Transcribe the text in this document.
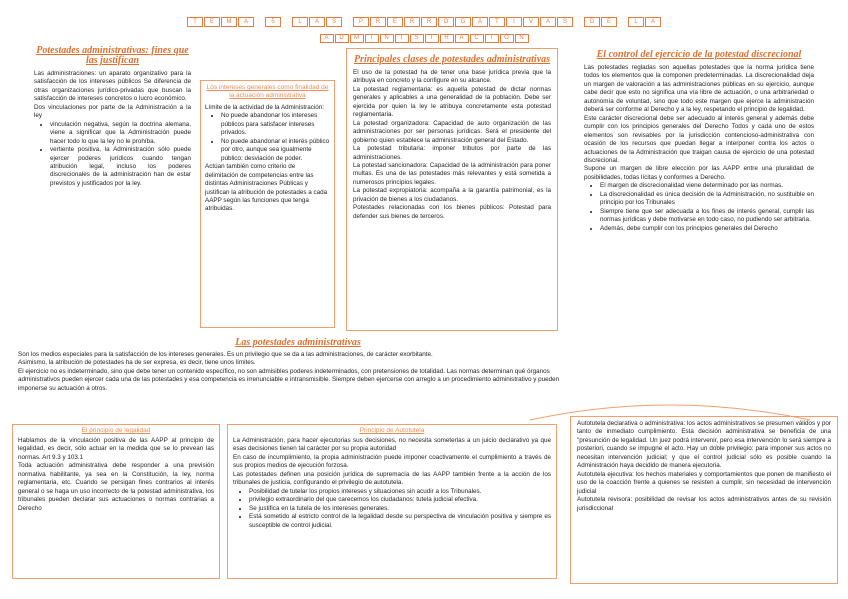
T E M A	5	L A S	P R E R R O G A T I V A S	D E	L A
A D M I N I S T R A C I Ó N
Potestades administrativas: fines que las justifican

Las administraciones: un aparato organizativo para la satisfacción de los intereses públicos Se diferencia de otras organizaciones jurídico-privadas que buscan la satisfacción de intereses concretos o lucro económico.

Dos vinculaciones por parte de la Administración a la ley

• vinculación negativa, según la doctrina alemana, viene a significar que la Administración puede hacer todo lo que la ley no le prohíba.
• vertiente positiva, la Administración sólo puede ejercer poderes jurídicos cuando tengan atribución legal, incluso los poderes discrecionales de la administración han de estar previstos y justificados por la ley.
Los intereses generales como finalidad de la actuación administrativa

Límite de la actividad de la Administración:

• No puede abandonar los intereses públicos para satisfacer intereses privados.
• No puede abandonar el interés público por otro, aunque sea igualmente público: desviación de poder.

Actúan también como criterio de delimitación de competencias entre las distintas Administraciones Públicas y justifican la atribución de potestades a cada AAPP según las funciones que tenga atribuidas.

Principales clases de potestades administrativas

El uso de la potestad ha de tener una base jurídica previa que la atribuya en concreto y la configure en su alcance.

La potestad reglamentaria: es aquella potestad de dictar normas generales y aplicables a una generalidad de la población. Debe ser ejercida por quien la ley le atribuya concretamente esta potestad reglamentaria.

La potestad organizadora: Capacidad de auto organización de las administraciones por ser personas jurídicas. Será el presidente del gobierno quien establece la administración general del Estado.

La potestad tributaria: imponer tributos por parte de las administraciones.

La potestad sancionadora: Capacidad de la administración para poner multas. Es una de las potestades más relevantes y está sometida a numerosos principios legales.

La potestad expropiatoria: acompaña a la garantía patrimonial, es la privación de bienes a los ciudadanos.

Potestades relacionadas con los bienes públicos: Potestad para defender sus bienes de terceros.

El control del ejercicio de la potestad discrecional

Las potestades regladas son aquellas potestades que la norma jurídica tiene todos los elementos que la componen predeterminadas. La discrecionalidad deja un margen de valoración a las administraciones públicas en su ejercicio, aunque cabe decir que esto no significa una vía libre de actuación, o una arbitrariedad o autonomía de voluntad, sino que todo este margen que ejerce la administración deberá ser conforme al Derecho y a la ley, respetando el principio de legalidad.

Este carácter discrecional debe ser adecuado al interés general y además debe cumplir con los principios generales del Derecho Todos y cada uno de estos elementos son revisables por la jurisdicción contencioso-administrativa con ocasión de los recursos que puedan llegar a interponer contra los actos o actuaciones de la Administración que traigan causa de ejercicio de una potestad discrecional.

Supone un margen de libre elección por las AAPP entre una pluralidad de posibilidades, todas lícitas y conformes a Derecho.

• El margen de discrecionalidad viene determinado por las normas.
• La discrecionalidad es única decisión de la Administración, no sustituible en principio por los Tribunales
• Siempre tiene que ser adecuada a los fines de interés general, cumplir las normas jurídicas y debe motivarse en todo caso, no pudiendo ser arbitraria.
• Además, debe cumplir con los principios generales del Derecho
Las potestades administrativas

Son los medios especiales para la satisfacción de los intereses generales. Es un privilegio que se da a las administraciones, de carácter exorbitante.

Asimismo, la atribución de potestades ha de ser expresa, es decir, tiene unos límites.

El ejercicio no es indeterminado, sino que debe tener un contenido específico, no son admisibles poderes indeterminados, con pretensiones de totalidad. Las normas determinan qué órganos administrativos pueden ejercer cada una de las potestades y esa competencia es irrenunciable e intransmisible. Siempre deben ejercerse con arreglo a un procedimiento administrativo y pueden imponerse su actuación a otros.

El principio de legalidad

Hablamos de la vinculación positiva de las AAPP al principio de legalidad, es decir, sólo actuar en la medida que se lo prevean las normas. Art 9.3 y 103.1

Toda actuación administrativa debe responder a una previsión normativa habilitante, ya sea en la Constitución, la ley, norma reglamentaria, etc. Cuando se persigan fines contrarios al interés general o se haga un uso incorrecto de la potestad administrativa, los tribunales pueden declarar sus actuaciones o normas contrarias a Derecho

Principio de Autotutela

La Administración, para hacer ejecutorias sus decisiones, no necesita someterlas a un juicio declarativo ya que esas decisiones tienen tal carácter por su propia autoridad

En caso de incumplimiento, la propia administración puede imponer coactivamente el cumplimiento a través de sus propios medios de ejecución forzosa.

Las potestades definen una posición jurídica de supremacía de las AAPP también frente a la acción de los tribunales de justicia, configurando el privilegio de autotutela.

• Posibilidad de tutelar los propios intereses y situaciones sin acudir a los Tribunales.
• privilegio extraordinario del que carecemos los ciudadanos: tutela judicial efectiva.
• Se justifica en la tutela de los intereses generales.
• Está sometido al estricto control de la legalidad desde su perspectiva de vinculación positiva y siempre es susceptible de control judicial.

Autotutela declarativa o administrativa: los actos administrativos se presumen válidos y por tanto de inmediato cumplimiento. Esta decisión administrativa se beneficia de una "presunción de legalidad. Un juez podrá intervenir, pero esa intervención lo será siempre a posteriori, cuando se impugne el acto. Hay un doble privilegio: para imponer sus actos no necesitan intervención judicial; y que el control judicial sólo es posible cuando la Administración haya decidido de manera ejecutoria.

Autotutela ejecutiva: los hechos materiales y comportamientos que ponen de manifiesto el uso de la coacción frente a quienes se resisten a cumplir, sin necesidad de intervención judicial

Autotutela revisora: posibilidad de revisar los actos administrativos antes de su revisión jurisdiccional
